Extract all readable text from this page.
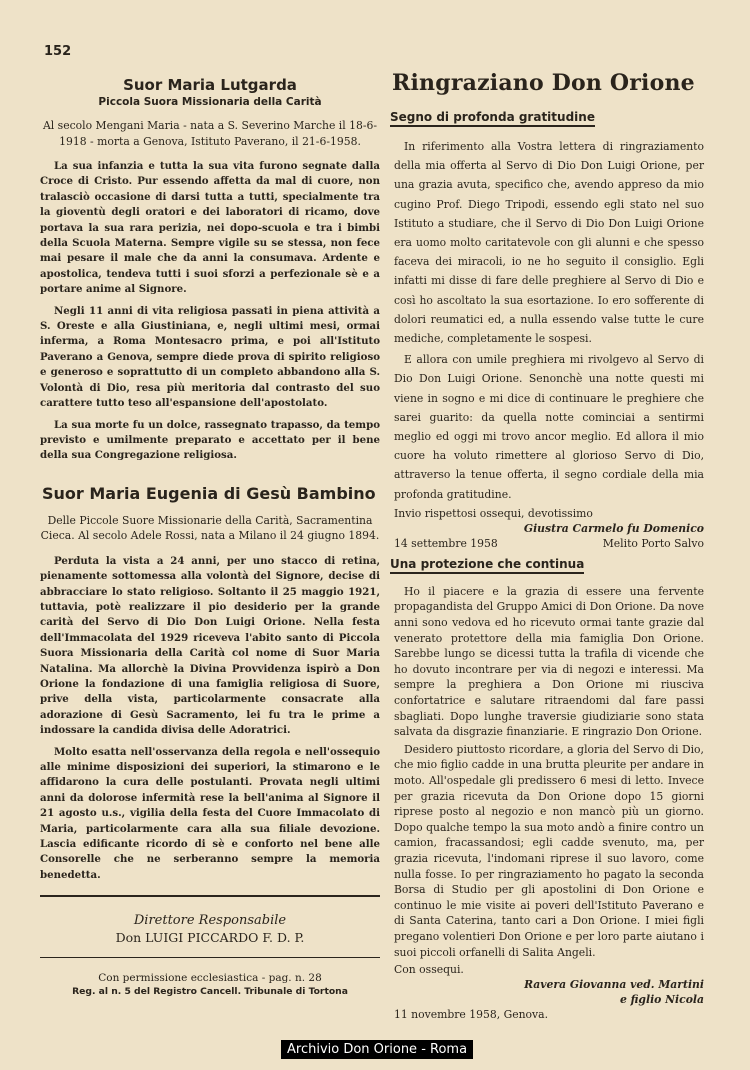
152
Suor Maria Lutgarda
Piccola Suora Missionaria della Carità

Al secolo Mengani Maria - nata a S. Severino Marche il 18-6-1918 - morta a Genova, Istituto Paverano, il 21-6-1958.

La sua infanzia e tutta la sua vita furono segnate dalla Croce di Cristo. Pur essendo affetta da mal di cuore, non tralasciò occasione di darsi tutta a tutti, specialmente tra la gioventù degli oratori e dei laboratori di ricamo, dove portava la sua rara perizia, nei dopo-scuola e tra i bimbi della Scuola Materna. Sempre vigile su se stessa, non fece mai pesare il male che da anni la consumava. Ardente e apostolica, tendeva tutti i suoi sforzi a perfezionale sè e a portare anime al Signore.

Negli 11 anni di vita religiosa passati in piena attività a S. Oreste e alla Giustiniana, e, negli ultimi mesi, ormai inferma, a Roma Montesacro prima, e poi all'Istituto Paverano a Genova, sempre diede prova di spirito religioso e generoso e soprattutto di un completo abbandono alla S. Volontà di Dio, resa più meritoria dal contrasto del suo carattere tutto teso all'espansione dell'apostolato.

La sua morte fu un dolce, rassegnato trapasso, da tempo previsto e umilmente preparato e accettato per il bene della sua Congregazione religiosa.

Suor Maria Eugenia di Gesù Bambino

Delle Piccole Suore Missionarie della Carità, Sacramentina Cieca. Al secolo Adele Rossi, nata a Milano il 24 giugno 1894.

Perduta la vista a 24 anni, per uno stacco di retina, pienamente sottomessa alla volontà del Signore, decise di abbracciare lo stato religioso. Soltanto il 25 maggio 1921, tuttavia, potè realizzare il pio desiderio per la grande carità del Servo di Dio Don Luigi Orione. Nella festa dell'Immacolata del 1929 riceveva l'abito santo di Piccola Suora Missionaria della Carità col nome di Suor Maria Natalina. Ma allorchè la Divina Provvidenza ispirò a Don Orione la fondazione di una famiglia religiosa di Suore, prive della vista, particolarmente consacrate alla adorazione di Gesù Sacramento, lei fu tra le prime a indossare la candida divisa delle Adoratrici.

Molto esatta nell'osservanza della regola e nell'ossequio alle minime disposizioni dei superiori, la stimarono e le affidarono la cura delle postulanti. Provata negli ultimi anni da dolorose infermità rese la bell'anima al Signore il 21 agosto u.s., vigilia della festa del Cuore Immacolato di Maria, particolarmente cara alla sua filiale devozione. Lascia edificante ricordo di sè e conforto nel bene alle Consorelle che ne serberanno sempre la memoria benedetta.

Direttore Responsabile
Don LUIGI PICCARDO F. D. P.
Con permissione ecclesiastica - pag. n. 28
Reg. al n. 5 del Registro Cancell. Tribunale di Tortona
Ringraziano Don Orione
Segno di profonda gratitudine

In riferimento alla Vostra lettera di ringraziamento della mia offerta al Servo di Dio Don Luigi Orione, per una grazia avuta, specifico che, avendo appreso da mio cugino Prof. Diego Tripodi, essendo egli stato nel suo Istituto a studiare, che il Servo di Dio Don Luigi Orione era uomo molto caritatevole con gli alunni e che spesso faceva dei miracoli, io ne ho seguito il consiglio. Egli infatti mi disse di fare delle preghiere al Servo di Dio e così ho ascoltato la sua esortazione. Io ero sofferente di dolori reumatici ed, a nulla essendo valse tutte le cure mediche, completamente le sospesi.

E allora con umile preghiera mi rivolgevo al Servo di Dio Don Luigi Orione. Senonchè una notte questi mi viene in sogno e mi dice di continuare le preghiere che sarei guarito: da quella notte cominciai a sentirmi meglio ed oggi mi trovo ancor meglio. Ed allora il mio cuore ha voluto rimettere al glorioso Servo di Dio, attraverso la tenue offerta, il segno cordiale della mia profonda gratitudine.

Invio rispettosi ossequi, devotissimo

Giustra Carmelo fu Domenico
14 settembre 1958	Melito Porto Salvo
Una protezione che continua

Ho il piacere e la grazia di essere una fervente propagandista del Gruppo Amici di Don Orione. Da nove anni sono vedova ed ho ricevuto ormai tante grazie dal venerato protettore della mia famiglia Don Orione. Sarebbe lungo se dicessi tutta la trafila di vicende che ho dovuto incontrare per via di negozi e interessi. Ma sempre la preghiera a Don Orione mi riusciva confortatrice e salutare ritraendomi dal fare passi sbagliati. Dopo lunghe traversie giudiziarie sono stata salvata da disgrazie finanziarie. E ringrazio Don Orione.

Desidero piuttosto ricordare, a gloria del Servo di Dio, che mio figlio cadde in una brutta pleurite per andare in moto. All'ospedale gli predissero 6 mesi di letto. Invece per grazia ricevuta da Don Orione dopo 15 giorni riprese posto al negozio e non mancò più un giorno. Dopo qualche tempo la sua moto andò a finire contro un camion, fracassandosi; egli cadde svenuto, ma, per grazia ricevuta, l'indomani riprese il suo lavoro, come nulla fosse. Io per ringraziamento ho pagato la seconda Borsa di Studio per gli apostolini di Don Orione e continuo le mie visite ai poveri dell'Istituto Paverano e di Santa Caterina, tanto cari a Don Orione. I miei figli pregano volentieri Don Orione e per loro parte aiutano i suoi piccoli orfanelli di Salita Angeli.

Con ossequi.

Ravera Giovanna ved. Martini
e figlio Nicola

11 novembre 1958, Genova.

Archivio Don Orione - Roma
